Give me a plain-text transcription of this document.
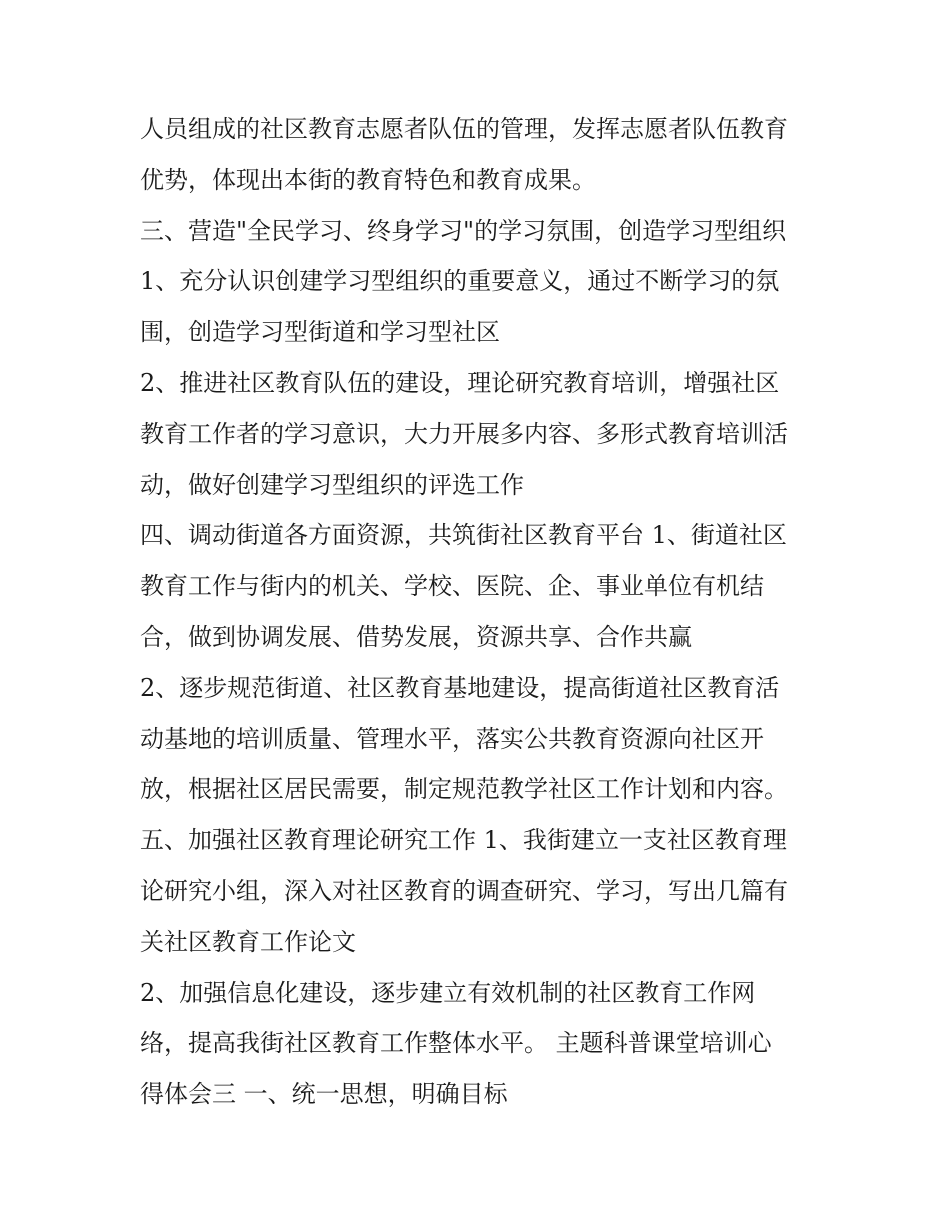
人员组成的社区教育志愿者队伍的管理，发挥志愿者队伍教育
优势，体现出本街的教育特色和教育成果。
三、营造"全民学习、终身学习"的学习氛围，创造学习型组织
1、充分认识创建学习型组织的重要意义，通过不断学习的氛
围，创造学习型街道和学习型社区
2、推进社区教育队伍的建设，理论研究教育培训，增强社区
教育工作者的学习意识，大力开展多内容、多形式教育培训活
动，做好创建学习型组织的评选工作
四、调动街道各方面资源，共筑街社区教育平台 1、街道社区
教育工作与街内的机关、学校、医院、企、事业单位有机结
合，做到协调发展、借势发展，资源共享、合作共赢
2、逐步规范街道、社区教育基地建设，提高街道社区教育活
动基地的培训质量、管理水平，落实公共教育资源向社区开
放，根据社区居民需要，制定规范教学社区工作计划和内容。
五、加强社区教育理论研究工作 1、我街建立一支社区教育理
论研究小组，深入对社区教育的调查研究、学习，写出几篇有
关社区教育工作论文
2、加强信息化建设，逐步建立有效机制的社区教育工作网
络，提高我街社区教育工作整体水平。 主题科普课堂培训心
得体会三 一、统一思想，明确目标
